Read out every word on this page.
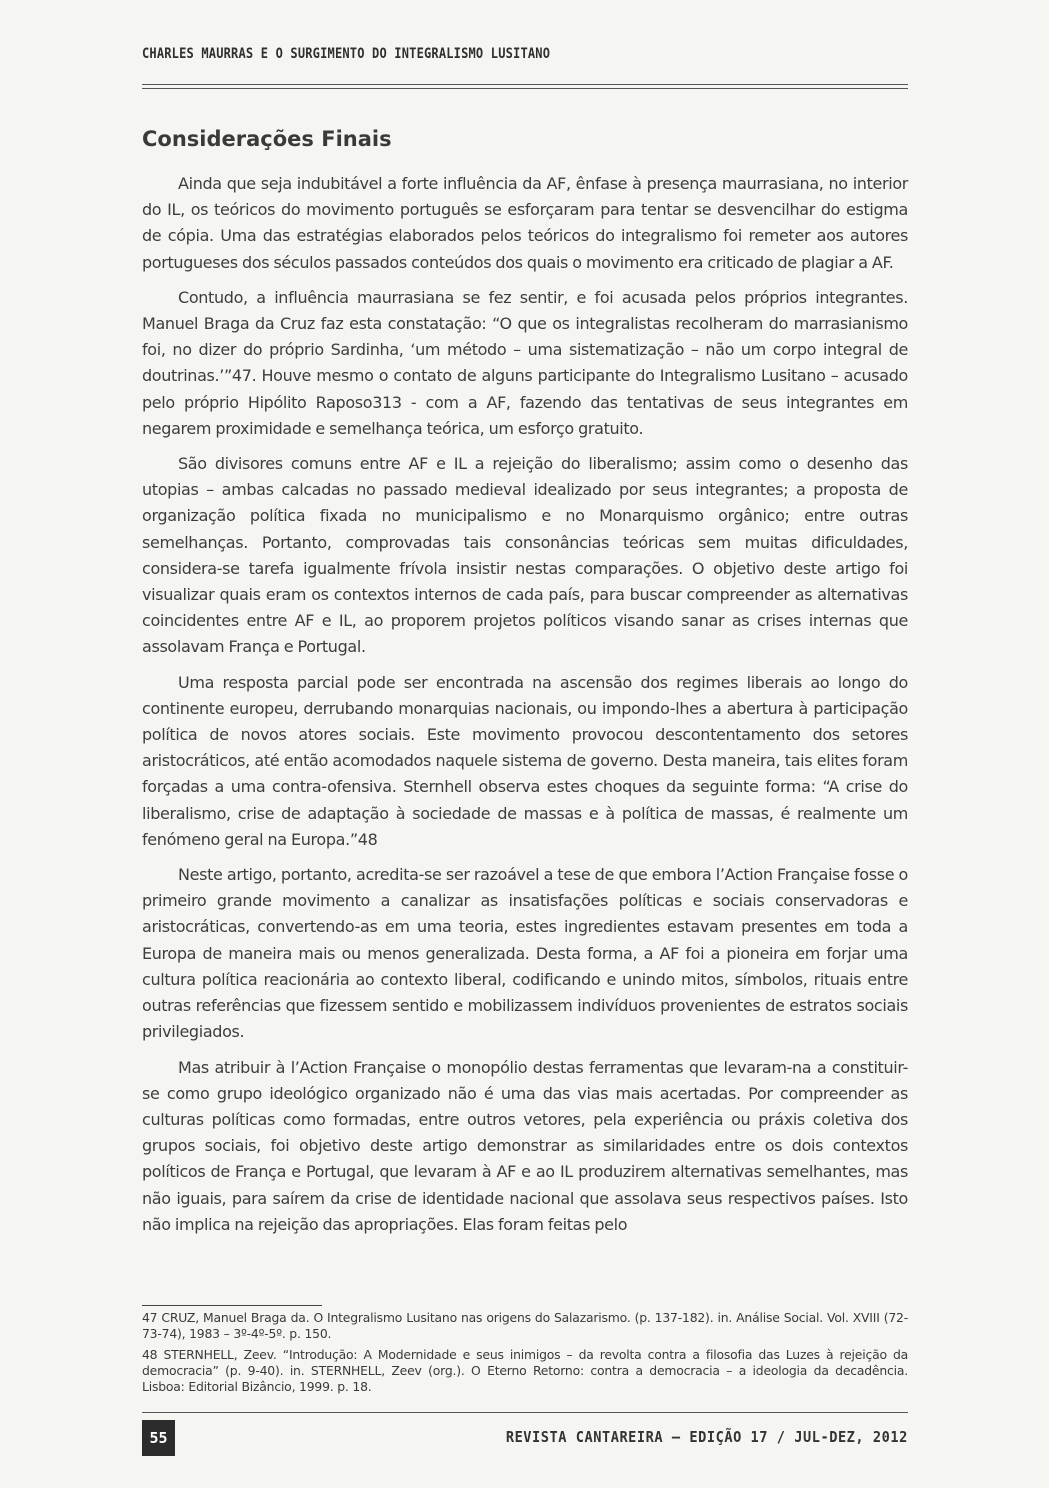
CHARLES MAURRAS E O SURGIMENTO DO INTEGRALISMO LUSITANO
Considerações Finais

Ainda que seja indubitável a forte influência da AF, ênfase à presença maurrasiana, no interior do IL, os teóricos do movimento português se esforçaram para tentar se desvencilhar do estigma de cópia. Uma das estratégias elaborados pelos teóricos do integralismo foi remeter aos autores portugueses dos séculos passados conteúdos dos quais o movimento era criticado de plagiar a AF.

Contudo, a influência maurrasiana se fez sentir, e foi acusada pelos próprios integrantes. Manuel Braga da Cruz faz esta constatação: “O que os integralistas recolheram do marrasianismo foi, no dizer do próprio Sardinha, ‘um método – uma sistematização – não um corpo integral de doutrinas.’”47. Houve mesmo o contato de alguns participante do Integralismo Lusitano – acusado pelo próprio Hipólito Raposo313 - com a AF, fazendo das tentativas de seus integrantes em negarem proximidade e semelhança teórica, um esforço gratuito.

São divisores comuns entre AF e IL a rejeição do liberalismo; assim como o desenho das utopias – ambas calcadas no passado medieval idealizado por seus integrantes; a proposta de organização política fixada no municipalismo e no Monarquismo orgânico; entre outras semelhanças. Portanto, comprovadas tais consonâncias teóricas sem muitas dificuldades, considera-se tarefa igualmente frívola insistir nestas comparações. O objetivo deste artigo foi visualizar quais eram os contextos internos de cada país, para buscar compreender as alternativas coincidentes entre AF e IL, ao proporem projetos políticos visando sanar as crises internas que assolavam França e Portugal.

Uma resposta parcial pode ser encontrada na ascensão dos regimes liberais ao longo do continente europeu, derrubando monarquias nacionais, ou impondo-lhes a abertura à participação política de novos atores sociais. Este movimento provocou descontentamento dos setores aristocráticos, até então acomodados naquele sistema de governo. Desta maneira, tais elites foram forçadas a uma contra-ofensiva. Sternhell observa estes choques da seguinte forma: “A crise do liberalismo, crise de adaptação à sociedade de massas e à política de massas, é realmente um fenómeno geral na Europa.”48

Neste artigo, portanto, acredita-se ser razoável a tese de que embora l’Action Française fosse o primeiro grande movimento a canalizar as insatisfações políticas e sociais conservadoras e aristocráticas, convertendo-as em uma teoria, estes ingredientes estavam presentes em toda a Europa de maneira mais ou menos generalizada. Desta forma, a AF foi a pioneira em forjar uma cultura política reacionária ao contexto liberal, codificando e unindo mitos, símbolos, rituais entre outras referências que fizessem sentido e mobilizassem indivíduos provenientes de estratos sociais privilegiados.

Mas atribuir à l’Action Française o monopólio destas ferramentas que levaram-na a constituir-se como grupo ideológico organizado não é uma das vias mais acertadas. Por compreender as culturas políticas como formadas, entre outros vetores, pela experiência ou práxis coletiva dos grupos sociais, foi objetivo deste artigo demonstrar as similaridades entre os dois contextos políticos de França e Portugal, que levaram à AF e ao IL produzirem alternativas semelhantes, mas não iguais, para saírem da crise de identidade nacional que assolava seus respectivos países. Isto não implica na rejeição das apropriações. Elas foram feitas pelo

47 CRUZ, Manuel Braga da. O Integralismo Lusitano nas origens do Salazarismo. (p. 137-182). in. Análise Social. Vol. XVIII (72-73-74), 1983 – 3º-4º-5º. p. 150.

48 STERNHELL, Zeev. “Introdução: A Modernidade e seus inimigos – da revolta contra a filosofia das Luzes à rejeição da democracia” (p. 9-40). in. STERNHELL, Zeev (org.). O Eterno Retorno: contra a democracia – a ideologia da decadência. Lisboa: Editorial Bizâncio, 1999. p. 18.

55	REVISTA CANTAREIRA – EDIÇÃO 17 / JUL-DEZ, 2012
